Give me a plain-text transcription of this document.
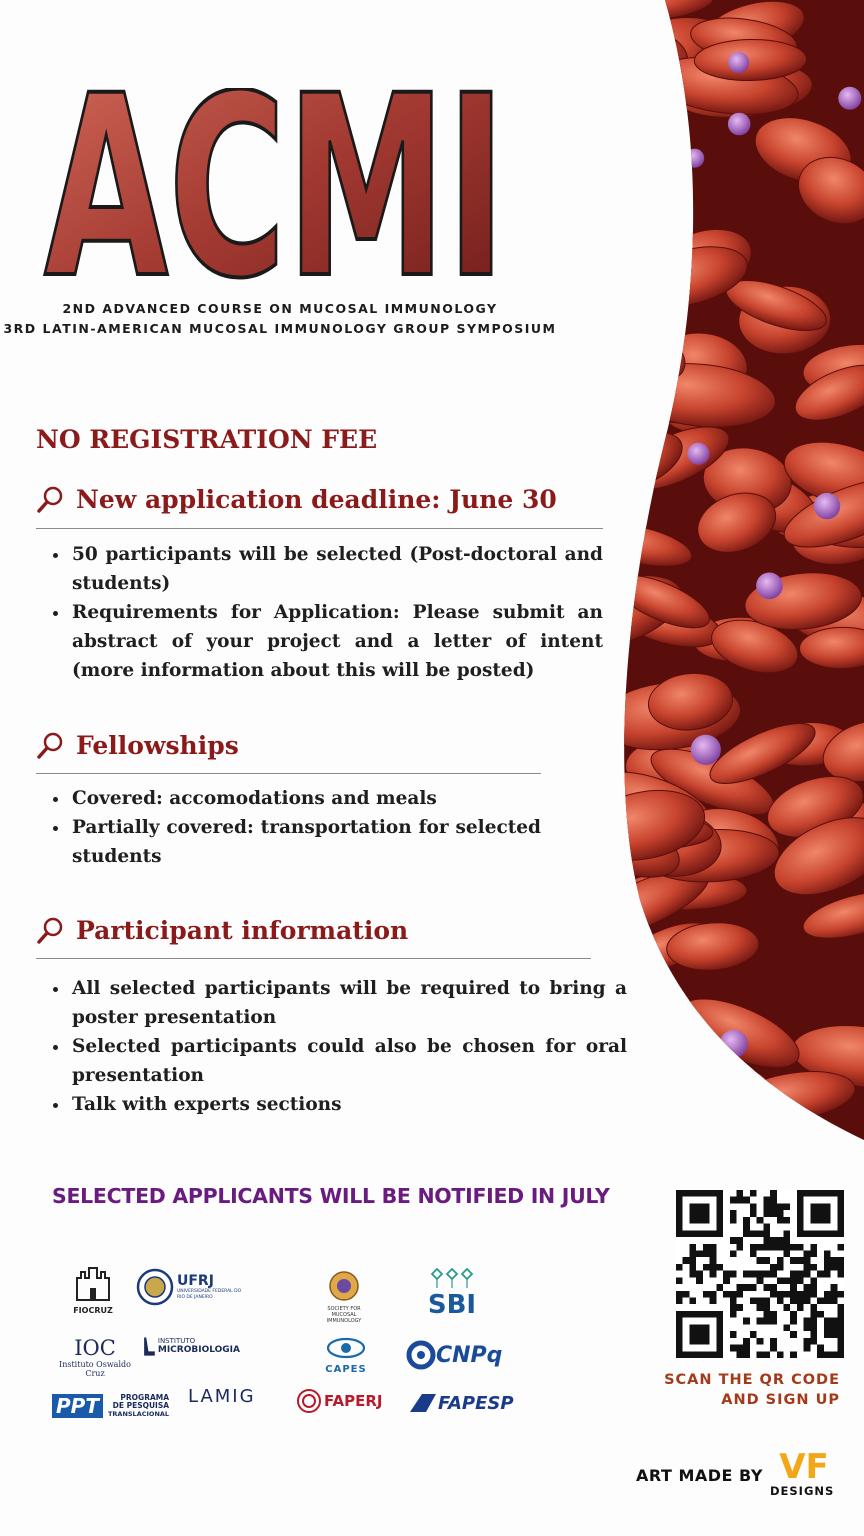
ACMI
2ND ADVANCED COURSE ON MUCOSAL IMMUNOLOGY
3RD LATIN-AMERICAN MUCOSAL IMMUNOLOGY GROUP SYMPOSIUM
NO REGISTRATION FEE
New application deadline: June 30
• 50 participants will be selected (Post-doctoral and students)
• Requirements for Application: Please submit an abstract of your project and a letter of intent (more information about this will be posted)
Fellowships
• Covered: accomodations and meals
• Partially covered: transportation for selected students
Participant information
• All selected participants will be required to bring a poster presentation
• Selected participants could also be chosen for oral presentation
• Talk with experts sections
SELECTED APPLICANTS WILL BE NOTIFIED IN JULY
FIOCRUZ
UFRJ
UNIVERSIDADE FEDERAL DO RIO DE JANEIRO
SOCIETY FOR
MUCOSAL
IMMUNOLOGY
SBI
IOC
Instituto Oswaldo Cruz
INSTITUTO
MICROBIOLOGIA
CAPES
CNPq
PPT	PROGRAMA
DE PESQUISA
TRANSLACIONAL
LAMIG	FAPERJ	FAPESP
SCAN THE QR CODE
AND SIGN UP
ART MADE BY VF
DESIGNS
